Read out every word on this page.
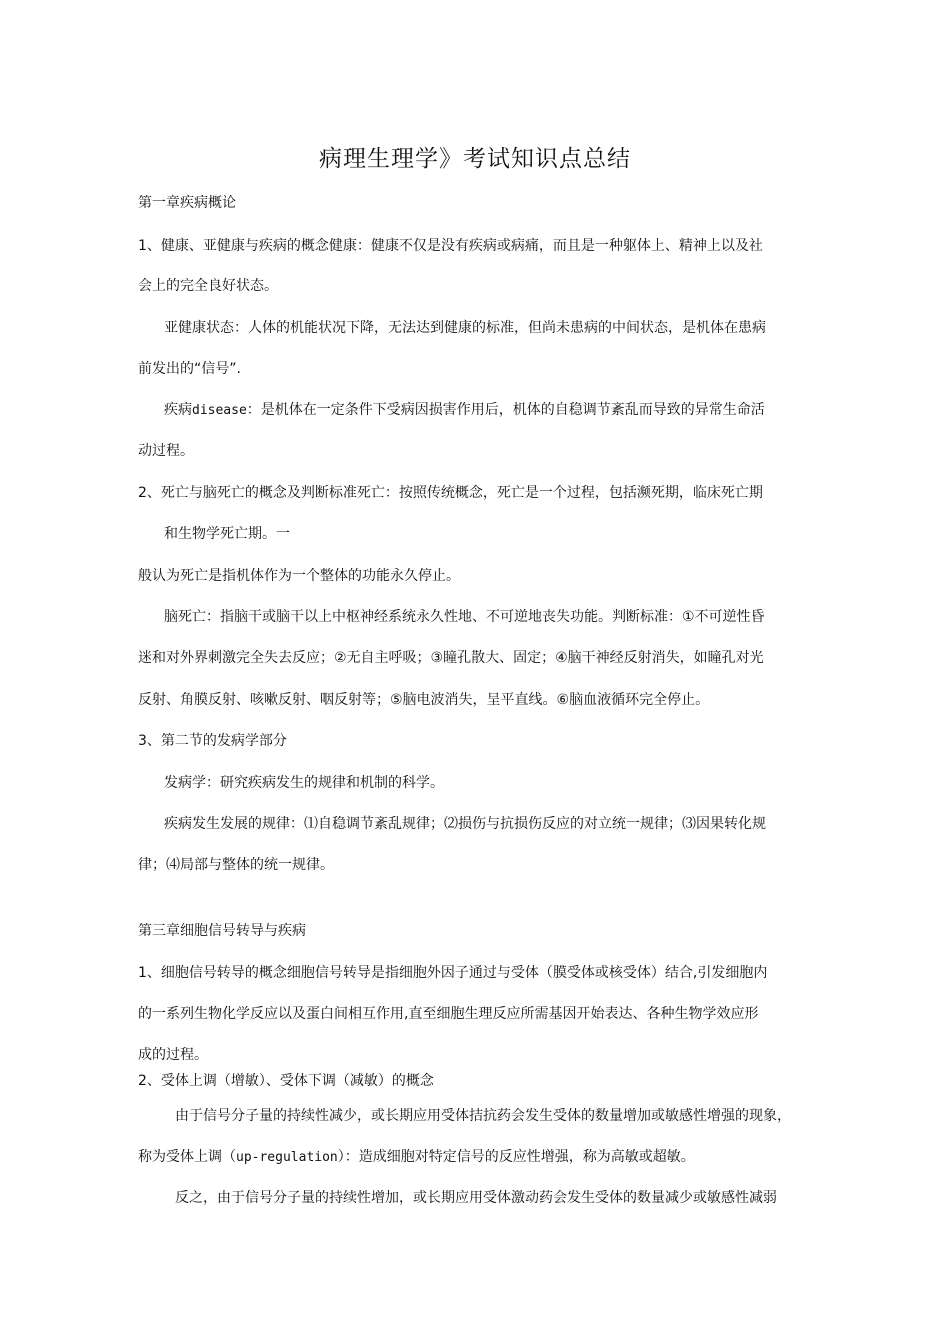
病理生理学》考试知识点总结
第一章疾病概论
1、健康、亚健康与疾病的概念健康：健康不仅是没有疾病或病痛，而且是一种躯体上、精神上以及社
会上的完全良好状态。
亚健康状态：人体的机能状况下降，无法达到健康的标准，但尚未患病的中间状态，是机体在患病
前发出的“信号”.
疾病disease：是机体在一定条件下受病因损害作用后，机体的自稳调节紊乱而导致的异常生命活
动过程。
2、死亡与脑死亡的概念及判断标准死亡：按照传统概念，死亡是一个过程，包括濒死期，临床死亡期
和生物学死亡期。一
般认为死亡是指机体作为一个整体的功能永久停止。
脑死亡：指脑干或脑干以上中枢神经系统永久性地、不可逆地丧失功能。判断标准：①不可逆性昏
迷和对外界刺激完全失去反应；②无自主呼吸；③瞳孔散大、固定；④脑干神经反射消失，如瞳孔对光
反射、角膜反射、咳嗽反射、咽反射等；⑤脑电波消失，呈平直线。⑥脑血液循环完全停止。
3、第二节的发病学部分
发病学：研究疾病发生的规律和机制的科学。
疾病发生发展的规律：⑴自稳调节紊乱规律；⑵损伤与抗损伤反应的对立统一规律；⑶因果转化规
律；⑷局部与整体的统一规律。
第三章细胞信号转导与疾病
1、细胞信号转导的概念细胞信号转导是指细胞外因子通过与受体（膜受体或核受体）结合,引发细胞内
的一系列生物化学反应以及蛋白间相互作用,直至细胞生理反应所需基因开始表达、各种生物学效应形
成的过程。
2、受体上调（增敏）、受体下调（减敏）的概念
由于信号分子量的持续性减少，或长期应用受体拮抗药会发生受体的数量增加或敏感性增强的现象，
称为受体上调（up-regulation）：造成细胞对特定信号的反应性增强，称为高敏或超敏。
反之，由于信号分子量的持续性增加，或长期应用受体激动药会发生受体的数量减少或敏感性减弱
